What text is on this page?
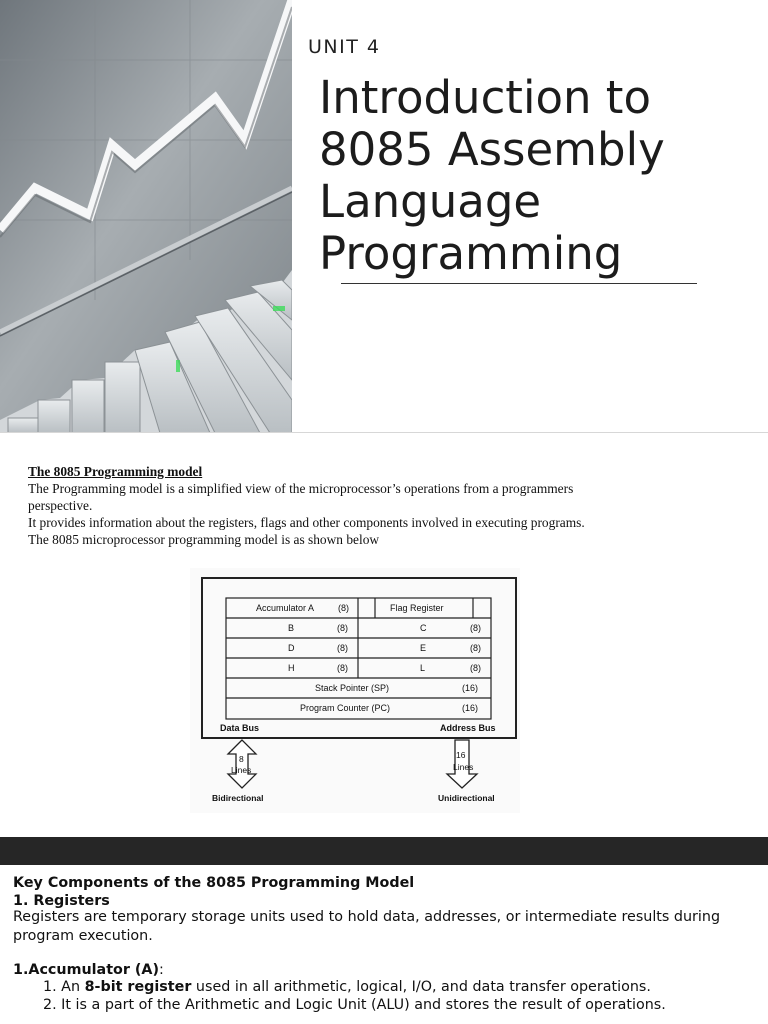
UNIT 4
Introduction to
8085 Assembly
Language
Programming
The 8085 Programming model
The Programming model is a simplified view of the microprocessor’s operations from a programmers
perspective.
It provides information about the registers, flags and other components involved in executing programs.
The 8085 microprocessor programming model is as shown below
Accumulator A	(8)	Flag Register
B	(8)	C	(8)
D	(8)	E	(8)
H	(8)	L	(8)
Stack Pointer (SP)	(16)
Program Counter (PC)	(16)
Data Bus	Address Bus
8
Lines
16
Lines
Bidirectional	Unidirectional
Key Components of the 8085 Programming Model
1. Registers
Registers are temporary storage units used to hold data, addresses, or intermediate results during
program execution.
1.Accumulator (A):
1. An 8-bit register used in all arithmetic, logical, I/O, and data transfer operations.
2. It is a part of the Arithmetic and Logic Unit (ALU) and stores the result of operations.
